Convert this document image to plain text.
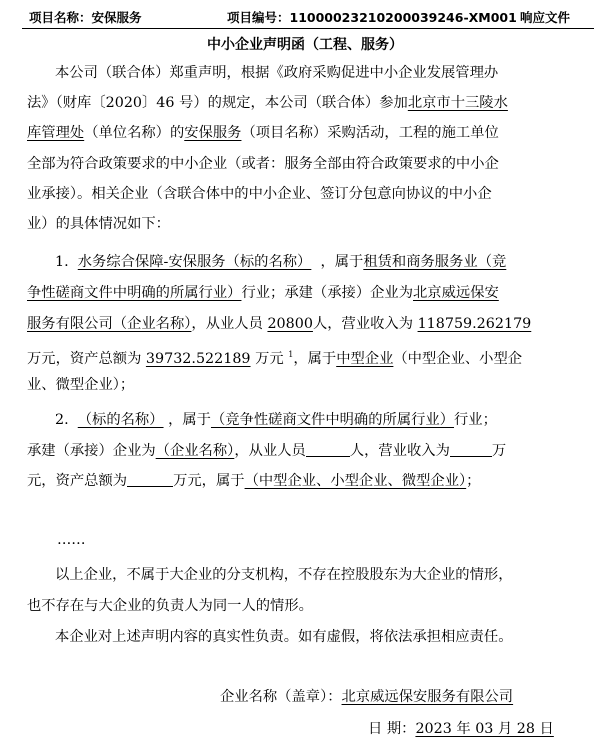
项目名称：安保服务	项目编号：11000023210200039246-XM001 响应文件
中小企业声明函（工程、服务）
本公司（联合体）郑重声明，根据《政府采购促进中小企业发展管理办
法》（财库〔2020〕46 号）的规定，本公司（联合体）参加北京市十三陵水
库管理处（单位名称）的安保服务（项目名称）采购活动，工程的施工单位
全部为符合政策要求的中小企业（或者：服务全部由符合政策要求的中小企
业承接）。相关企业（含联合体中的中小企业、签订分包意向协议的中小企
业）的具体情况如下：
1. 水务综合保障-安保服务（标的名称） ，属于租赁和商务服务业（竞
争性磋商文件中明确的所属行业）行业；承建（承接）企业为北京威远保安
服务有限公司（企业名称），从业人员 20800人，营业收入为 118759.262179
万元，资产总额为 39732.522189 万元 $^1$，属于中型企业（中型企业、小型企
业、微型企业）；
2. （标的名称） ，属于（竞争性磋商文件中明确的所属行业）行业；
承建（承接）企业为（企业名称），从业人员	人，营业收入为	万
元，资产总额为	万元，属于（中型企业、小型企业、微型企业）；
……
以上企业，不属于大企业的分支机构，不存在控股股东为大企业的情形，
也不存在与大企业的负责人为同一人的情形。
本企业对上述声明内容的真实性负责。如有虚假，将依法承担相应责任。
企业名称（盖章）：北京威远保安服务有限公司
日 期：2023 年 03 月 28 日
